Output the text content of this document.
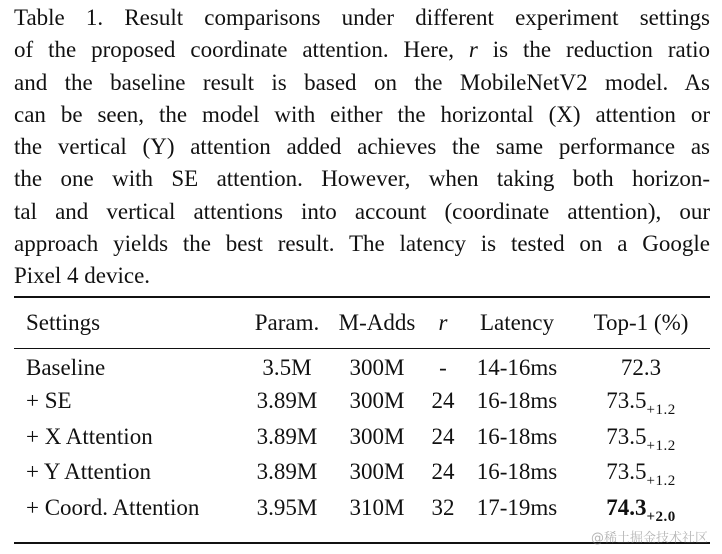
Table 1. Result comparisons under different experiment settings
of the proposed coordinate attention. Here, r is the reduction ratio
and the baseline result is based on the MobileNetV2 model. As
can be seen, the model with either the horizontal (X) attention or
the vertical (Y) attention added achieves the same performance as
the one with SE attention. However, when taking both horizon-
tal and vertical attentions into account (coordinate attention), our
approach yields the best result. The latency is tested on a Google
Pixel 4 device.
Settings	Param.	M-Adds	r	Latency	Top-1 (%)
Baseline	3.5M	300M	-	14-16ms	72.3
+ SE	3.89M	300M	24	16-18ms	$73.5_{+1.2}$
+ X Attention	3.89M	300M	24	16-18ms	$73.5_{+1.2}$
+ Y Attention	3.89M	300M	24	16-18ms	$73.5_{+1.2}$
+ Coord. Attention	3.95M	310M	32	17-19ms	$74.3_{+2.0}$
@稀土掘金技术社区
